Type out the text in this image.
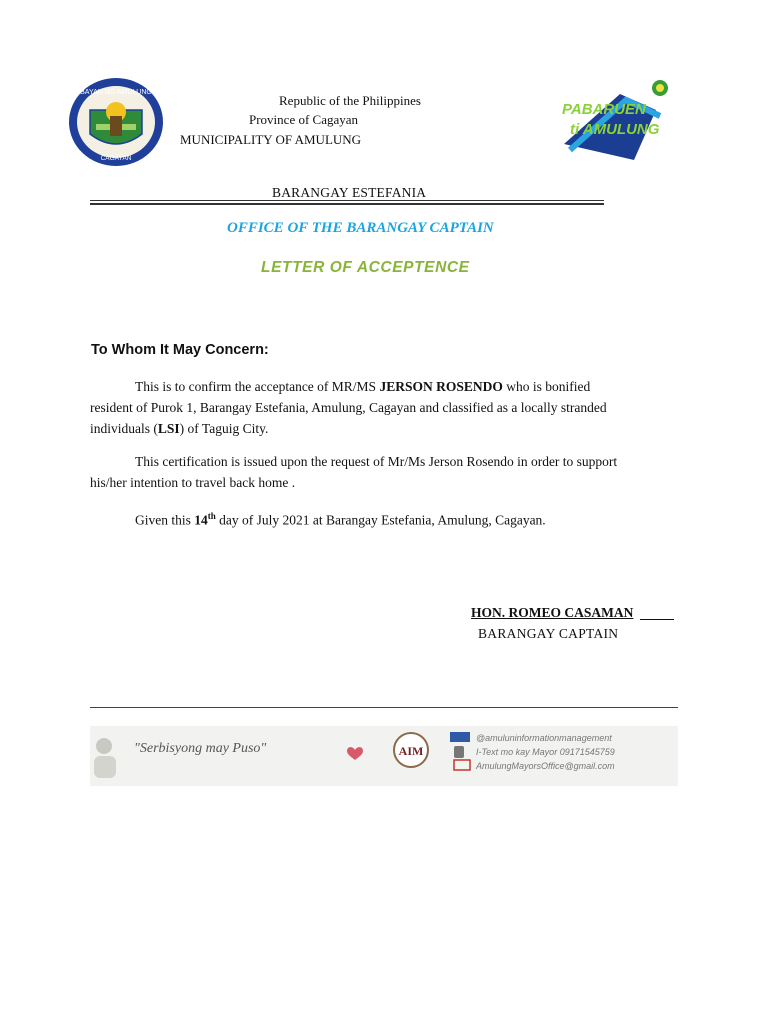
BAYAN NG AMULUNG
CAGAYAN
Republic of the Philippines
Province of Cagayan
MUNICIPALITY OF AMULUNG
PABARUEN
ti AMULUNG
BARANGAY ESTEFANIA
OFFICE OF THE BARANGAY CAPTAIN
LETTER OF ACCEPTENCE
To Whom It May Concern:
This is to confirm the acceptance of MR/MS JERSON ROSENDO who is bonified
resident of Purok 1, Barangay Estefania, Amulung, Cagayan and classified as a locally stranded
individuals (LSI) of Taguig City.
This certification is issued upon the request of Mr/Ms Jerson Rosendo in order to support
his/her intention to travel back home .
Given this 14th day of July 2021 at Barangay Estefania, Amulung, Cagayan.
HON. ROMEO CASAMAN
BARANGAY CAPTAIN
"Serbisyong may Puso"	AIM
@amuluninformationmanagement
I-Text mo kay Mayor 09171545759
AmulungMayorsOffice@gmail.com
